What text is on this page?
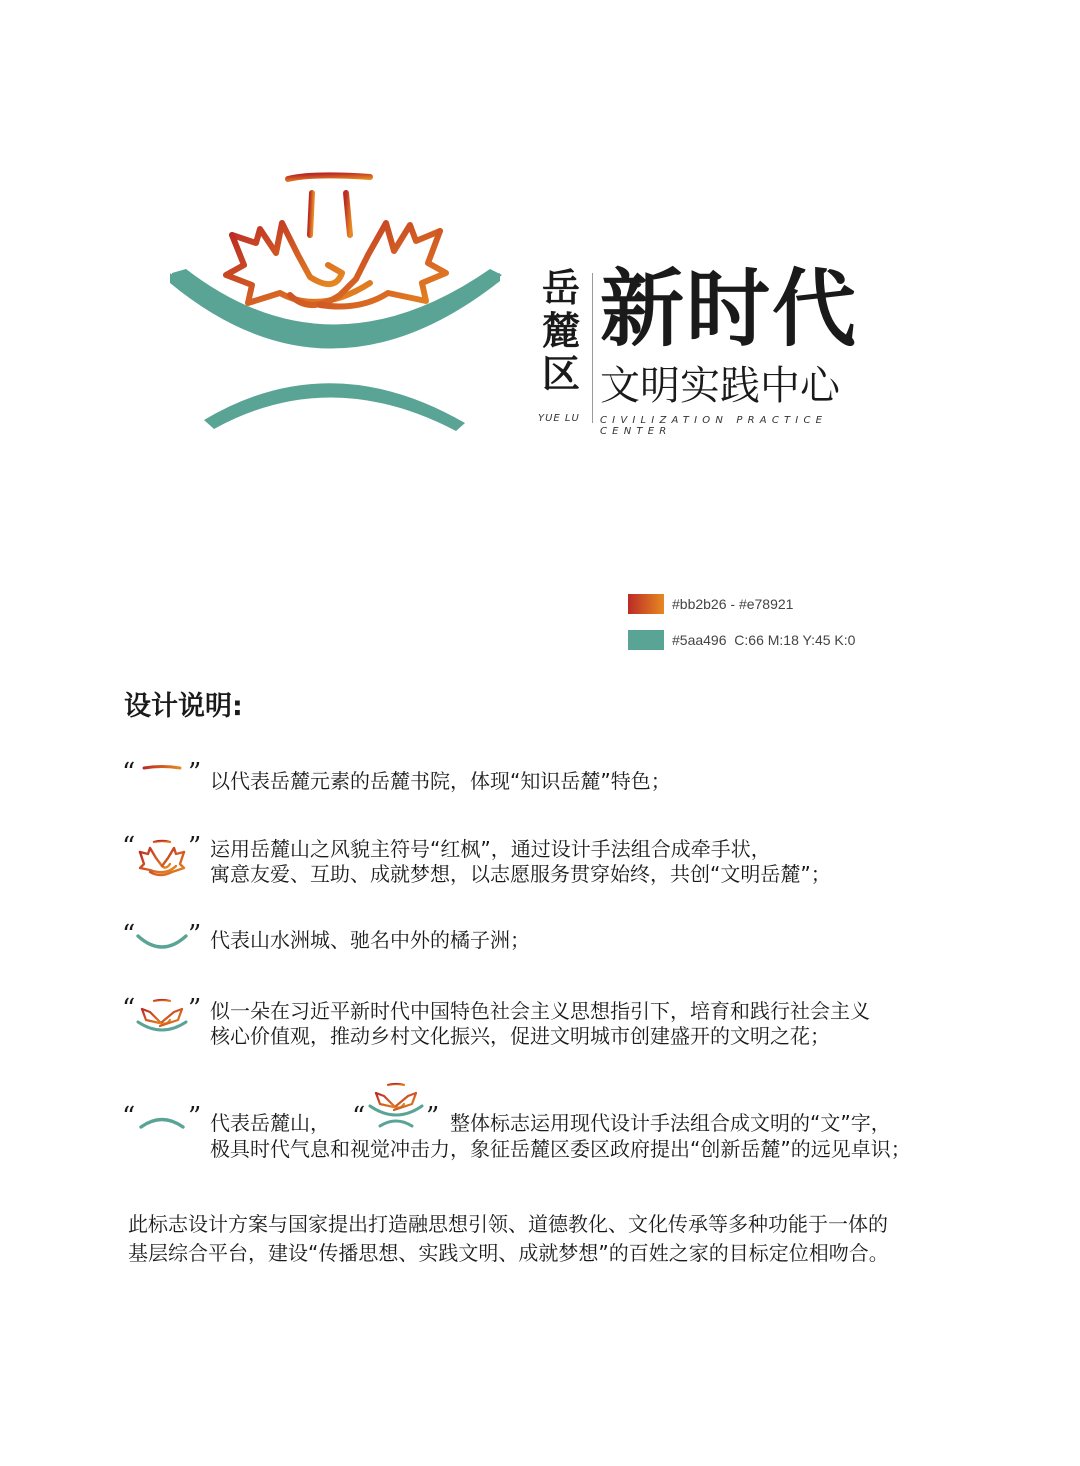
岳
麓
区
YUE LU
新时代
文明实践中心
CIVILIZATION PRACTICE CENTER
#bb2b26 - #e78921
#5aa496  C:66 M:18 Y:45 K:0
设计说明:
“ ” 以代表岳麓元素的岳麓书院，体现“知识岳麓”特色；
“ ” 运用岳麓山之风貌主符号“红枫”，通过设计手法组合成牵手状，
寓意友爱、互助、成就梦想，以志愿服务贯穿始终，共创“文明岳麓”；
“ ” 代表山水洲城、驰名中外的橘子洲；
“ ” 似一朵在习近平新时代中国特色社会主义思想指引下，培育和践行社会主义
核心价值观，推动乡村文化振兴，促进文明城市创建盛开的文明之花；
“ ” 代表岳麓山， “ ” 整体标志运用现代设计手法组合成文明的“文”字，
极具时代气息和视觉冲击力，象征岳麓区委区政府提出“创新岳麓”的远见卓识；
此标志设计方案与国家提出打造融思想引领、道德教化、文化传承等多种功能于一体的
基层综合平台，建设“传播思想、实践文明、成就梦想”的百姓之家的目标定位相吻合。
